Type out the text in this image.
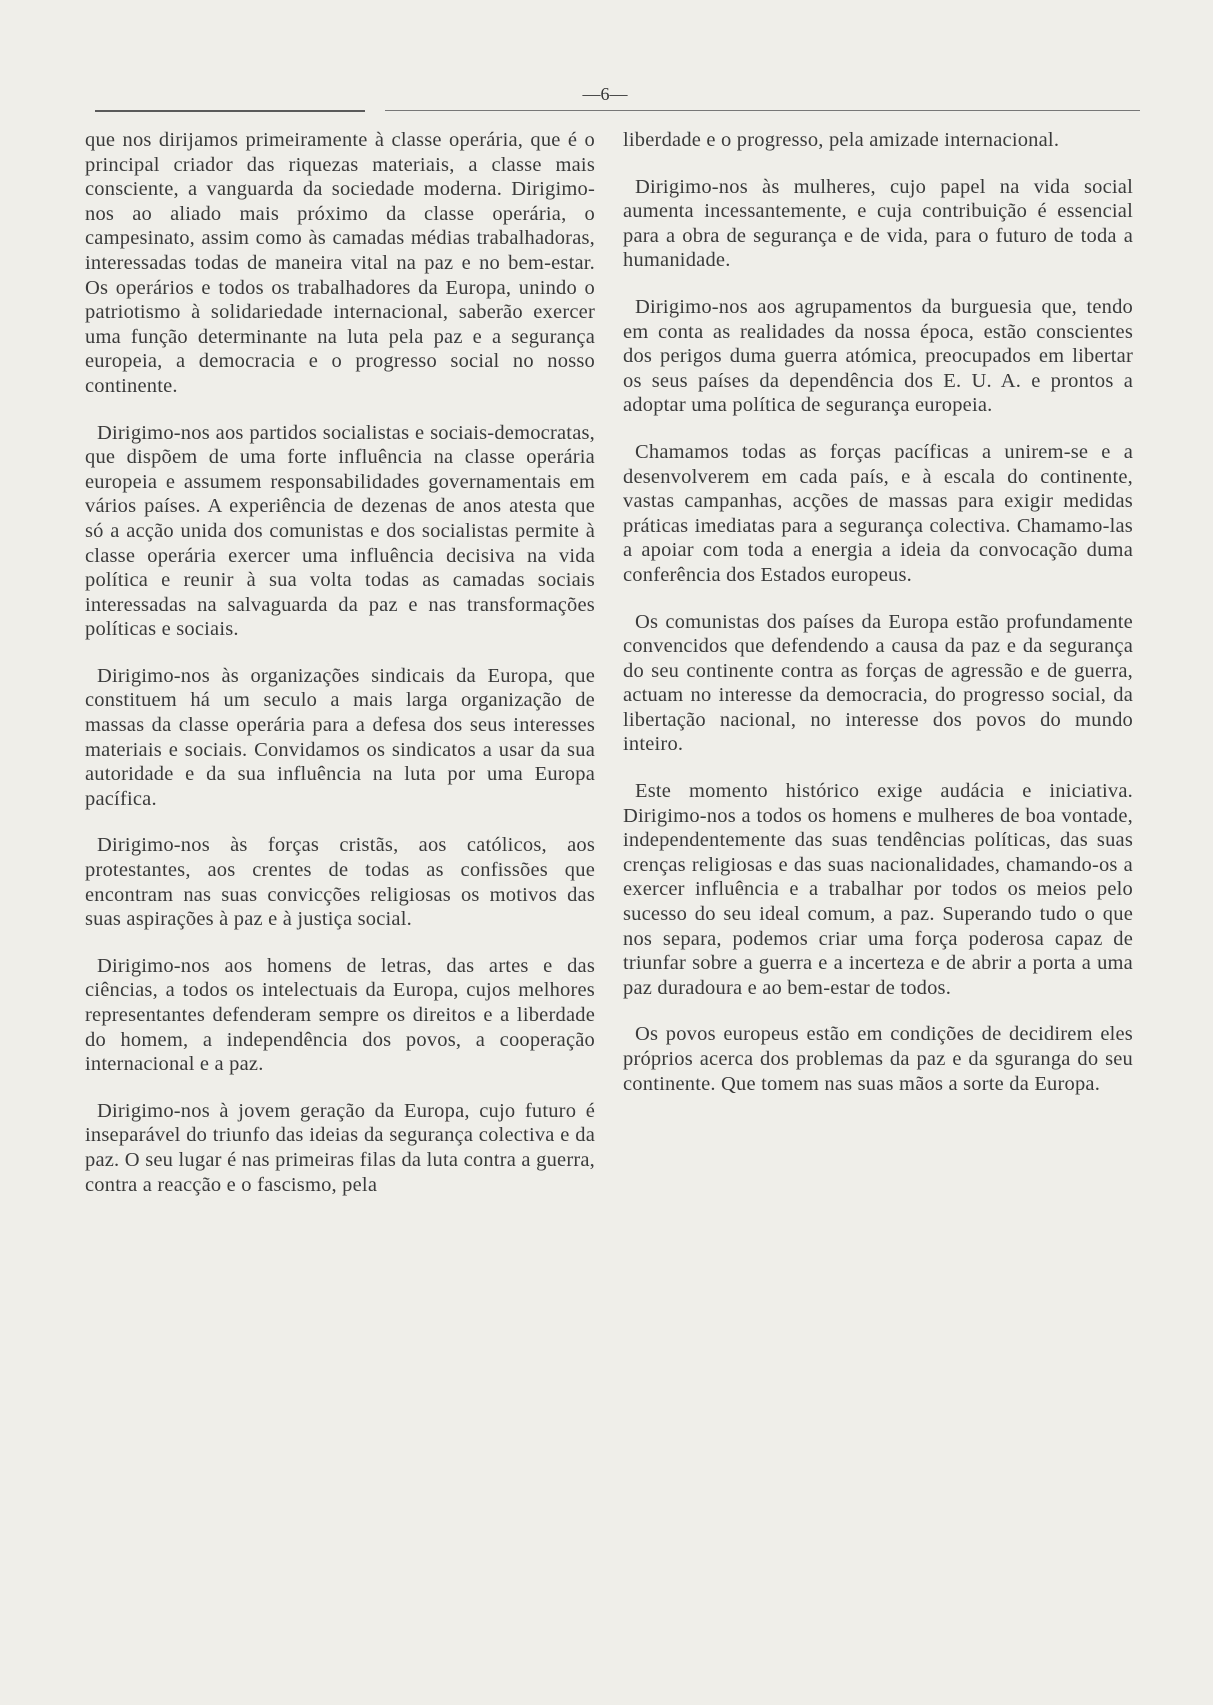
—6—

que nos dirijamos primeiramente à classe operária, que é o principal criador das riquezas materiais, a classe mais consciente, a vanguarda da sociedade moderna. Dirigimo-nos ao aliado mais próximo da classe operária, o campesinato, assim como às camadas médias trabalhadoras, interessadas todas de maneira vital na paz e no bem-estar. Os operários e todos os trabalhadores da Europa, unindo o patriotismo à solidariedade internacional, saberão exercer uma função determinante na luta pela paz e a segurança europeia, a democracia e o progresso social no nosso continente.

Dirigimo-nos aos partidos socialistas e sociais-democratas, que dispõem de uma forte influência na classe operária europeia e assumem responsabilidades governamentais em vários países. A experiência de dezenas de anos atesta que só a acção unida dos comunistas e dos socialistas permite à classe operária exercer uma influência decisiva na vida política e reunir à sua volta todas as camadas sociais interessadas na salvaguarda da paz e nas transformações políticas e sociais.

Dirigimo-nos às organizações sindicais da Europa, que constituem há um seculo a mais larga organização de massas da classe operária para a defesa dos seus interesses materiais e sociais. Convidamos os sindicatos a usar da sua autoridade e da sua influência na luta por uma Europa pacífica.

Dirigimo-nos às forças cristãs, aos católicos, aos protestantes, aos crentes de todas as confissões que encontram nas suas convicções religiosas os motivos das suas aspirações à paz e à justiça social.

Dirigimo-nos aos homens de letras, das artes e das ciências, a todos os intelectuais da Europa, cujos melhores representantes defenderam sempre os direitos e a liberdade do homem, a independência dos povos, a cooperação internacional e a paz.

Dirigimo-nos à jovem geração da Europa, cujo futuro é inseparável do triunfo das ideias da segurança colectiva e da paz. O seu lugar é nas primeiras filas da luta contra a guerra, contra a reacção e o fascismo, pela

liberdade e o progresso, pela amizade internacional.

Dirigimo-nos às mulheres, cujo papel na vida social aumenta incessantemente, e cuja contribuição é essencial para a obra de segurança e de vida, para o futuro de toda a humanidade.

Dirigimo-nos aos agrupamentos da burguesia que, tendo em conta as realidades da nossa época, estão conscientes dos perigos duma guerra atómica, preocupados em libertar os seus países da dependência dos E. U. A. e prontos a adoptar uma política de segurança europeia.

Chamamos todas as forças pacíficas a unirem-se e a desenvolverem em cada país, e à escala do continente, vastas campanhas, acções de massas para exigir medidas práticas imediatas para a segurança colectiva. Chamamo-las a apoiar com toda a energia a ideia da convocação duma conferência dos Estados europeus.

Os comunistas dos países da Europa estão profundamente convencidos que defendendo a causa da paz e da segurança do seu continente contra as forças de agressão e de guerra, actuam no interesse da democracia, do progresso social, da libertação nacional, no interesse dos povos do mundo inteiro.

Este momento histórico exige audácia e iniciativa. Dirigimo-nos a todos os homens e mulheres de boa vontade, independentemente das suas tendências políticas, das suas crenças religiosas e das suas nacionalidades, chamando-os a exercer influência e a trabalhar por todos os meios pelo sucesso do seu ideal comum, a paz. Superando tudo o que nos separa, podemos criar uma força poderosa capaz de triunfar sobre a guerra e a incerteza e de abrir a porta a uma paz duradoura e ao bem-estar de todos.

Os povos europeus estão em condições de decidirem eles próprios acerca dos problemas da paz e da sguranga do seu continente. Que tomem nas suas mãos a sorte da Europa.
